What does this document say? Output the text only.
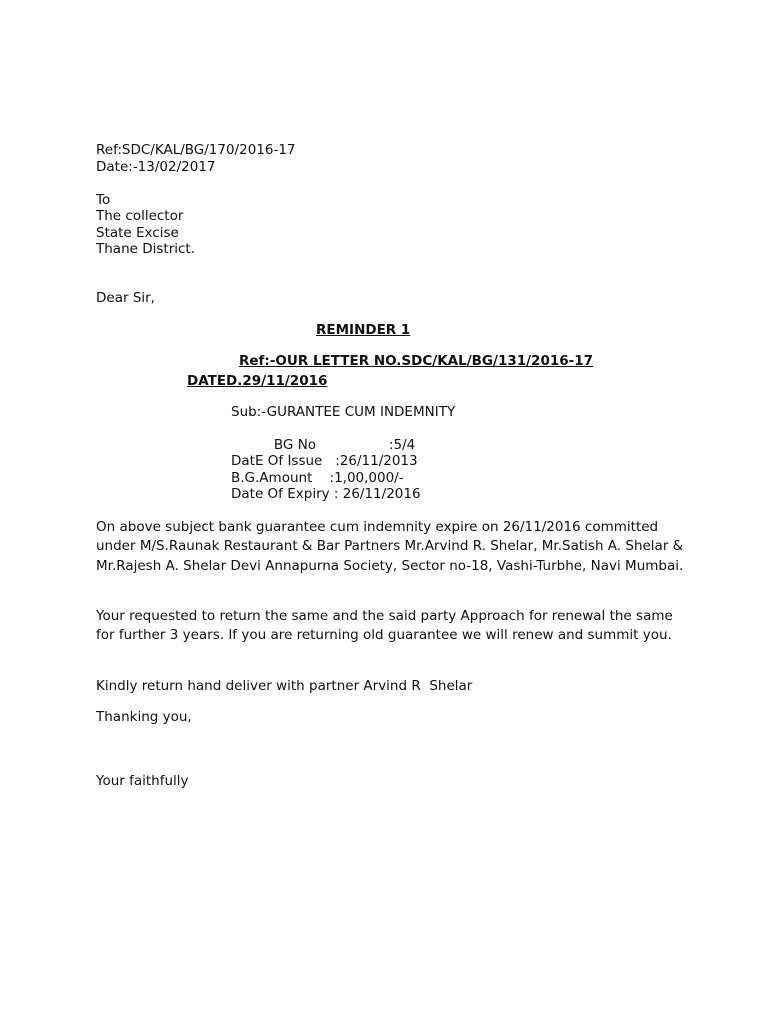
Ref:SDC/KAL/BG/170/2016-17
Date:-13/02/2017
To
The collector
State Excise
Thane District.
Dear Sir,
REMINDER 1
Ref:-OUR LETTER NO.SDC/KAL/BG/131/2016-17
DATED.29/11/2016
Sub:-GURANTEE CUM INDEMNITY
BG No                 :5/4
DatE Of Issue   :26/11/2013
B.G.Amount    :1,00,000/-
Date Of Expiry : 26/11/2016
On above subject bank guarantee cum indemnity expire on 26/11/2016 committed under M/S.Raunak Restaurant & Bar Partners Mr.Arvind R. Shelar, Mr.Satish A. Shelar & Mr.Rajesh A. Shelar Devi Annapurna Society, Sector no-18, Vashi-Turbhe, Navi Mumbai.
Your requested to return the same and the said party Approach for renewal the same for further 3 years. If you are returning old guarantee we will renew and summit you.
Kindly return hand deliver with partner Arvind R  Shelar
Thanking you,
Your faithfully
